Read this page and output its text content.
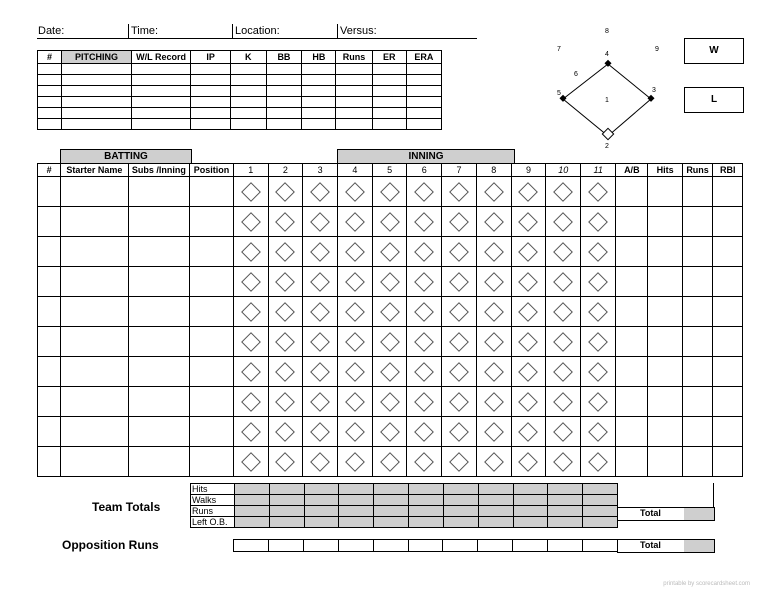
Date:	Time:	Location:	Versus:
#	PITCHING	W/L Record	IP	K	BB	HB	Runs	ER	ERA

8
7
4
9
6
5
1
3
2
W
L
BATTING	INNING
#	Starter Name	Subs /Inning	Position	1	2	3	4	5	6	7	8	9	10	11	A/B	Hits	Runs	RBI

Team Totals
Hits											
Walks											
Runs											
Left O.B.											
Total
Opposition Runs
											Total
printable by scorecardsheet.com
